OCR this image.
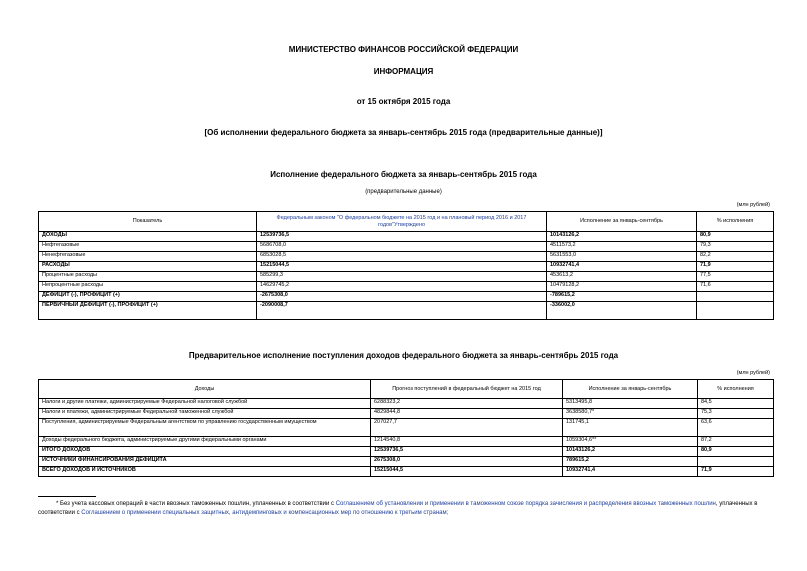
МИНИСТЕРСТВО ФИНАНСОВ РОССИЙСКОЙ ФЕДЕРАЦИИ
ИНФОРМАЦИЯ
от 15 октября 2015 года
[Об исполнении федерального бюджета за январь-сентябрь 2015 года (предварительные данные)]
Исполнение федерального бюджета за январь-сентябрь 2015 года
(предварительные данные)
(млн рублей)
Показатель	Федеральным законом "О федеральном бюджете на 2015 год и на плановый период 2016 и 2017 годов"Утверждено	Исполнение за январь-сентябрь	% исполнения
ДОХОДЫ	12539736,5	10143126,2	80,9
Нефтегазовые	5686708,0	4511573,2	79,3
Ненефтегазовые	6853028,5	5631553,0	82,2
РАСХОДЫ	15215044,5	10932741,4	71,9
Процентные расходы	585299,3	453613,2	77,5
Непроцентные расходы	14629745,2	10479128,2	71,6
ДЕФИЦИТ (-), ПРОФИЦИТ (+)	-2675308,0	-789615,2	
ПЕРВИЧНЫЙ ДЕФИЦИТ (-), ПРОФИЦИТ (+)	-2090008,7	-336002,0	
Предварительное исполнение поступления доходов федерального бюджета за январь-сентябрь 2015 года
(млн рублей)
Доходы	Прогноз поступлений в федеральный бюджет на 2015 год	Исполнение за январь-сентябрь	% исполнения
Налоги и другие платежи, администрируемые Федеральной налоговой службой	6288323,2	5313495,8	84,5
Налоги и платежи, администрируемые Федеральной таможенной службой	4829844,8	3638580,7*	75,3
Поступления, администрируемые Федеральным агентством по управлению государственным имуществом	207027,7	131745,1	63,6
Доходы федерального бюджета, администрируемые другими федеральными органами	1214540,8	1059304,6**	87,2
ИТОГО ДОХОДОВ	12539736,5	10143126,2	80,9
ИСТОЧНИКИ ФИНАНСИРОВАНИЯ ДЕФИЦИТА	2675308,0	789615,2	
ВСЕГО ДОХОДОВ И ИСТОЧНИКОВ	15215044,5	10932741,4	71,9
* Без учета кассовых операций в части ввозных таможенных пошлин, уплаченных в соответствии с Соглашением об установлении и применении в таможенном союзе порядка зачисления и распределения ввозных таможенных пошлин, уплаченных в соответствии с Соглашением о применении специальных защитных, антидемпинговых и компенсационных мер по отношению к третьим странам;
